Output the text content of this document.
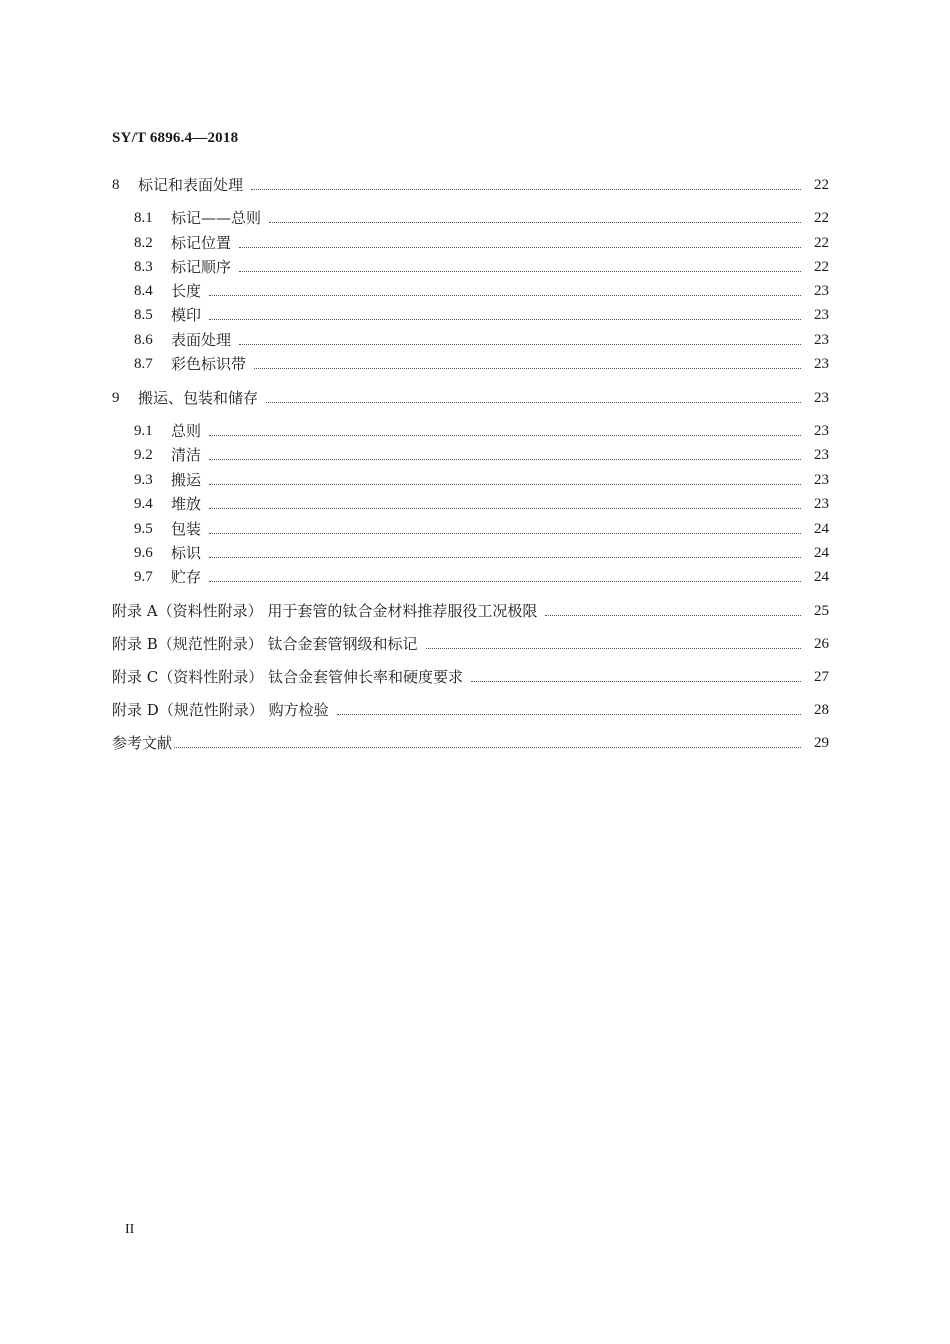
SY/T 6896.4—2018
8	标记和表面处理	22
8.1	标记——总则	22
8.2	标记位置	22
8.3	标记顺序	22
8.4	长度	23
8.5	模印	23
8.6	表面处理	23
8.7	彩色标识带	23
9	搬运、包装和储存	23
9.1	总则	23
9.2	清洁	23
9.3	搬运	23
9.4	堆放	23
9.5	包装	24
9.6	标识	24
9.7	贮存	24
附录 A（资料性附录） 用于套管的钛合金材料推荐服役工况极限	25
附录 B（规范性附录） 钛合金套管钢级和标记	26
附录 C（资料性附录） 钛合金套管伸长率和硬度要求	27
附录 D（规范性附录） 购方检验	28
参考文献	29
II
